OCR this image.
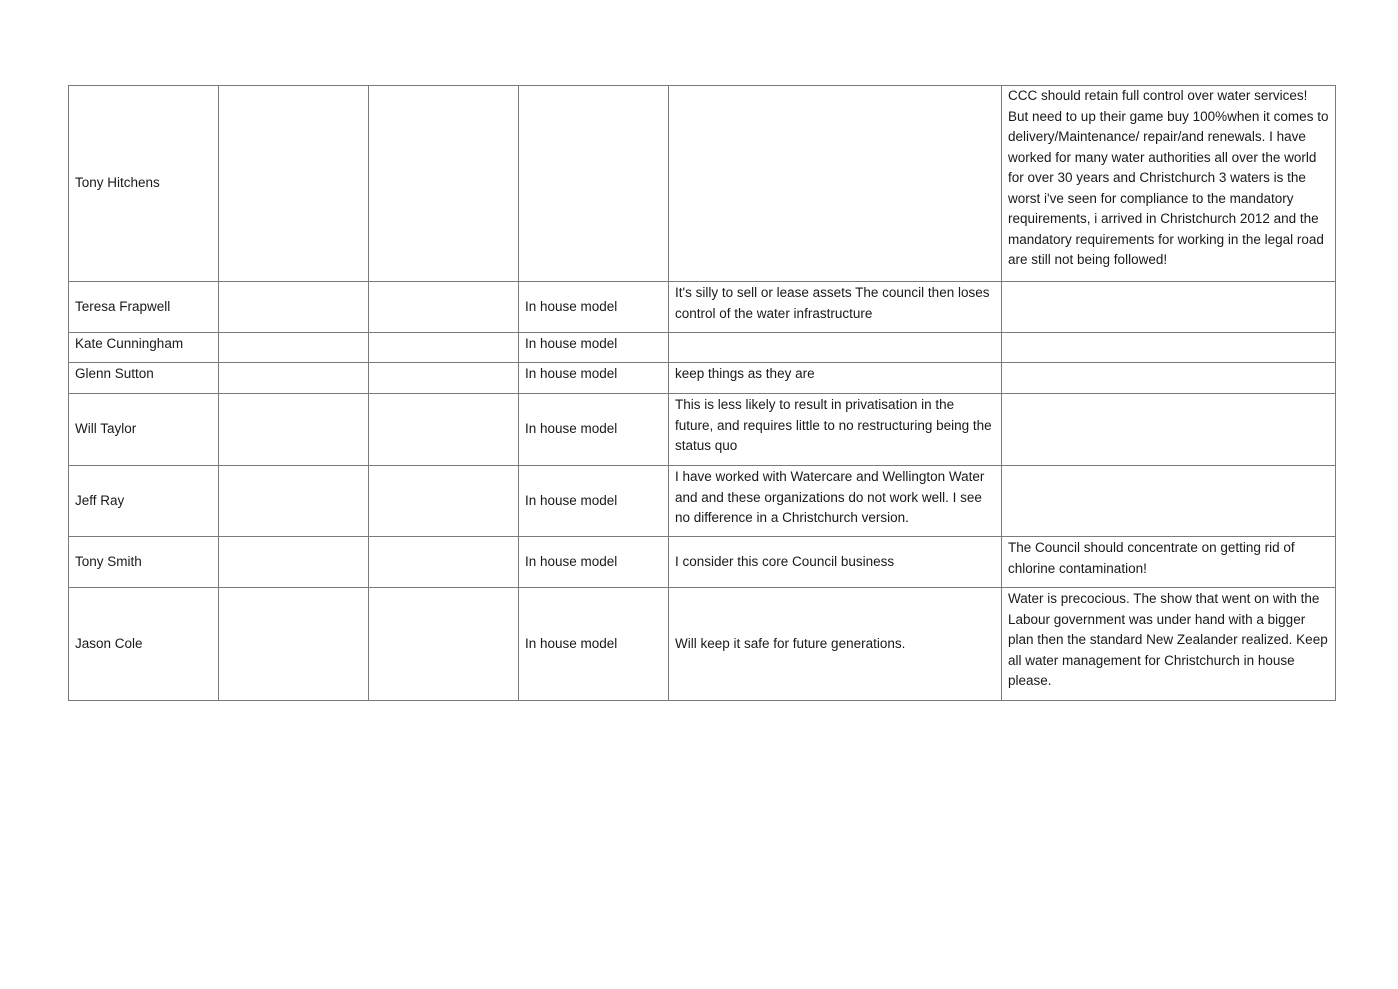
Tony Hitchens					CCC should retain full control over water services! But need to up their game buy 100%when it comes to delivery/Maintenance/ repair/and renewals. I have worked for many water authorities all over the world for over 30 years and Christchurch 3 waters is the worst i've seen for compliance to the mandatory requirements, i arrived in Christchurch 2012 and the mandatory requirements for working in the legal road are still not being followed!

Teresa Frapwell			In house model	It's silly to sell or lease assets The council then loses control of the water infrastructure	

Kate Cunningham			In house model		

Glenn Sutton			In house model	keep things as they are	

Will Taylor			In house model	This is less likely to result in privatisation in the future, and requires little to no restructuring being the status quo	

Jeff Ray			In house model	I have worked with Watercare and Wellington Water and and these organizations do not work well. I see no difference in a Christchurch version.	

Tony Smith			In house model	I consider this core Council business	The Council should concentrate on getting rid of chlorine contamination!

Jason Cole			In house model	Will keep it safe for future generations.	Water is precocious. The show that went on with the Labour government was under hand with a bigger plan then the standard New Zealander realized. Keep all water management for Christchurch in house please.
